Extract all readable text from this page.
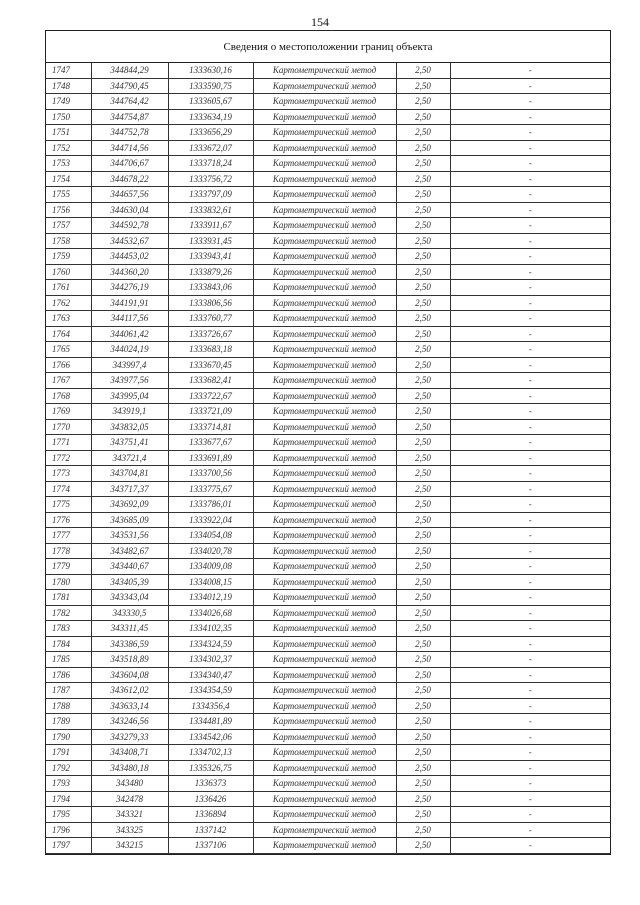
154
Сведения о местоположении границ объекта
1747	344844,29	1333630,16	Картометрический метод	2,50	-
1748	344790,45	1333590,75	Картометрический метод	2,50	-
1749	344764,42	1333605,67	Картометрический метод	2,50	-
1750	344754,87	1333634,19	Картометрический метод	2,50	-
1751	344752,78	1333656,29	Картометрический метод	2,50	-
1752	344714,56	1333672,07	Картометрический метод	2,50	-
1753	344706,67	1333718,24	Картометрический метод	2,50	-
1754	344678,22	1333756,72	Картометрический метод	2,50	-
1755	344657,56	1333797,09	Картометрический метод	2,50	-
1756	344630,04	1333832,61	Картометрический метод	2,50	-
1757	344592,78	1333911,67	Картометрический метод	2,50	-
1758	344532,67	1333931,45	Картометрический метод	2,50	-
1759	344453,02	1333943,41	Картометрический метод	2,50	-
1760	344360,20	1333879,26	Картометрический метод	2,50	-
1761	344276,19	1333843,06	Картометрический метод	2,50	-
1762	344191,91	1333806,56	Картометрический метод	2,50	-
1763	344117,56	1333760,77	Картометрический метод	2,50	-
1764	344061,42	1333726,67	Картометрический метод	2,50	-
1765	344024,19	1333683,18	Картометрический метод	2,50	-
1766	343997,4	1333670,45	Картометрический метод	2,50	-
1767	343977,56	1333682,41	Картометрический метод	2,50	-
1768	343995,04	1333722,67	Картометрический метод	2,50	-
1769	343919,1	1333721,09	Картометрический метод	2,50	-
1770	343832,05	1333714,81	Картометрический метод	2,50	-
1771	343751,41	1333677,67	Картометрический метод	2,50	-
1772	343721,4	1333691,89	Картометрический метод	2,50	-
1773	343704,81	1333700,56	Картометрический метод	2,50	-
1774	343717,37	1333775,67	Картометрический метод	2,50	-
1775	343692,09	1333786,01	Картометрический метод	2,50	-
1776	343685,09	1333922,04	Картометрический метод	2,50	-
1777	343531,56	1334054,08	Картометрический метод	2,50	-
1778	343482,67	1334020,78	Картометрический метод	2,50	-
1779	343440,67	1334009,08	Картометрический метод	2,50	-
1780	343405,39	1334008,15	Картометрический метод	2,50	-
1781	343343,04	1334012,19	Картометрический метод	2,50	-
1782	343330,5	1334026,68	Картометрический метод	2,50	-
1783	343311,45	1334102,35	Картометрический метод	2,50	-
1784	343386,59	1334324,59	Картометрический метод	2,50	-
1785	343518,89	1334302,37	Картометрический метод	2,50	-
1786	343604,08	1334340,47	Картометрический метод	2,50	-
1787	343612,02	1334354,59	Картометрический метод	2,50	-
1788	343633,14	1334356,4	Картометрический метод	2,50	-
1789	343246,56	1334481,89	Картометрический метод	2,50	-
1790	343279,33	1334542,06	Картометрический метод	2,50	-
1791	343408,71	1334702,13	Картометрический метод	2,50	-
1792	343480,18	1335326,75	Картометрический метод	2,50	-
1793	343480	1336373	Картометрический метод	2,50	-
1794	342478	1336426	Картометрический метод	2,50	-
1795	343321	1336894	Картометрический метод	2,50	-
1796	343325	1337142	Картометрический метод	2,50	-
1797	343215	1337106	Картометрический метод	2,50	-
